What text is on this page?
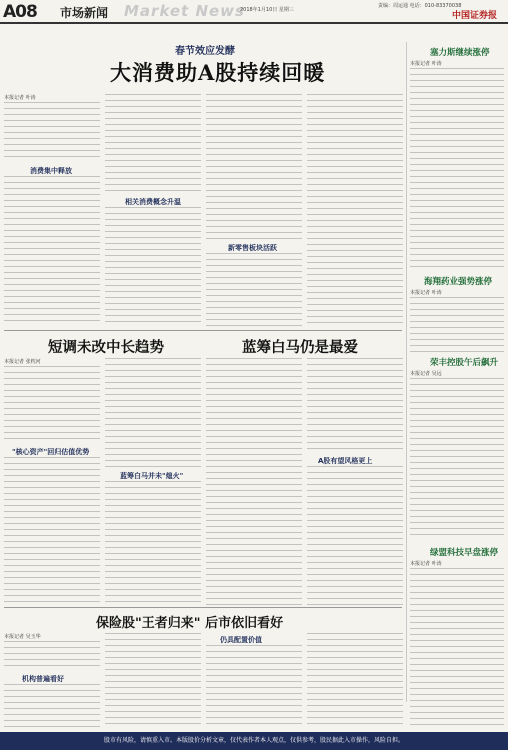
A08 市场新闻 Market News
2018年1月10日 星期三
责编：周运通 电话：010-83370038
中国证券报
春节效应发酵
大消费助A股持续回暖
本报记者 叶涛
消费集中释放
相关消费概念升温
新零售板块活跃
塞力斯继续涨停
本报记者 叶涛
海翔药业强势涨停
本报记者 叶涛
荣丰控股午后飙升
本报记者 吴远
绿盟科技早盘涨停
本报记者 叶涛
短调未改中长趋势	蓝筹白马仍是最爱
本报记者 张枕河
"核心资产"回归估值优势
蓝筹白马并未"熄火"
A股有望风格更上
保险股"王者归来" 后市依旧看好
本报记者 吴玉华
机构普遍看好
仍具配置价值
股市有风险，请慎重入市。本版股价分析文章，仅代表作者本人观点，仅供参考，股民据此入市操作，风险自担。
